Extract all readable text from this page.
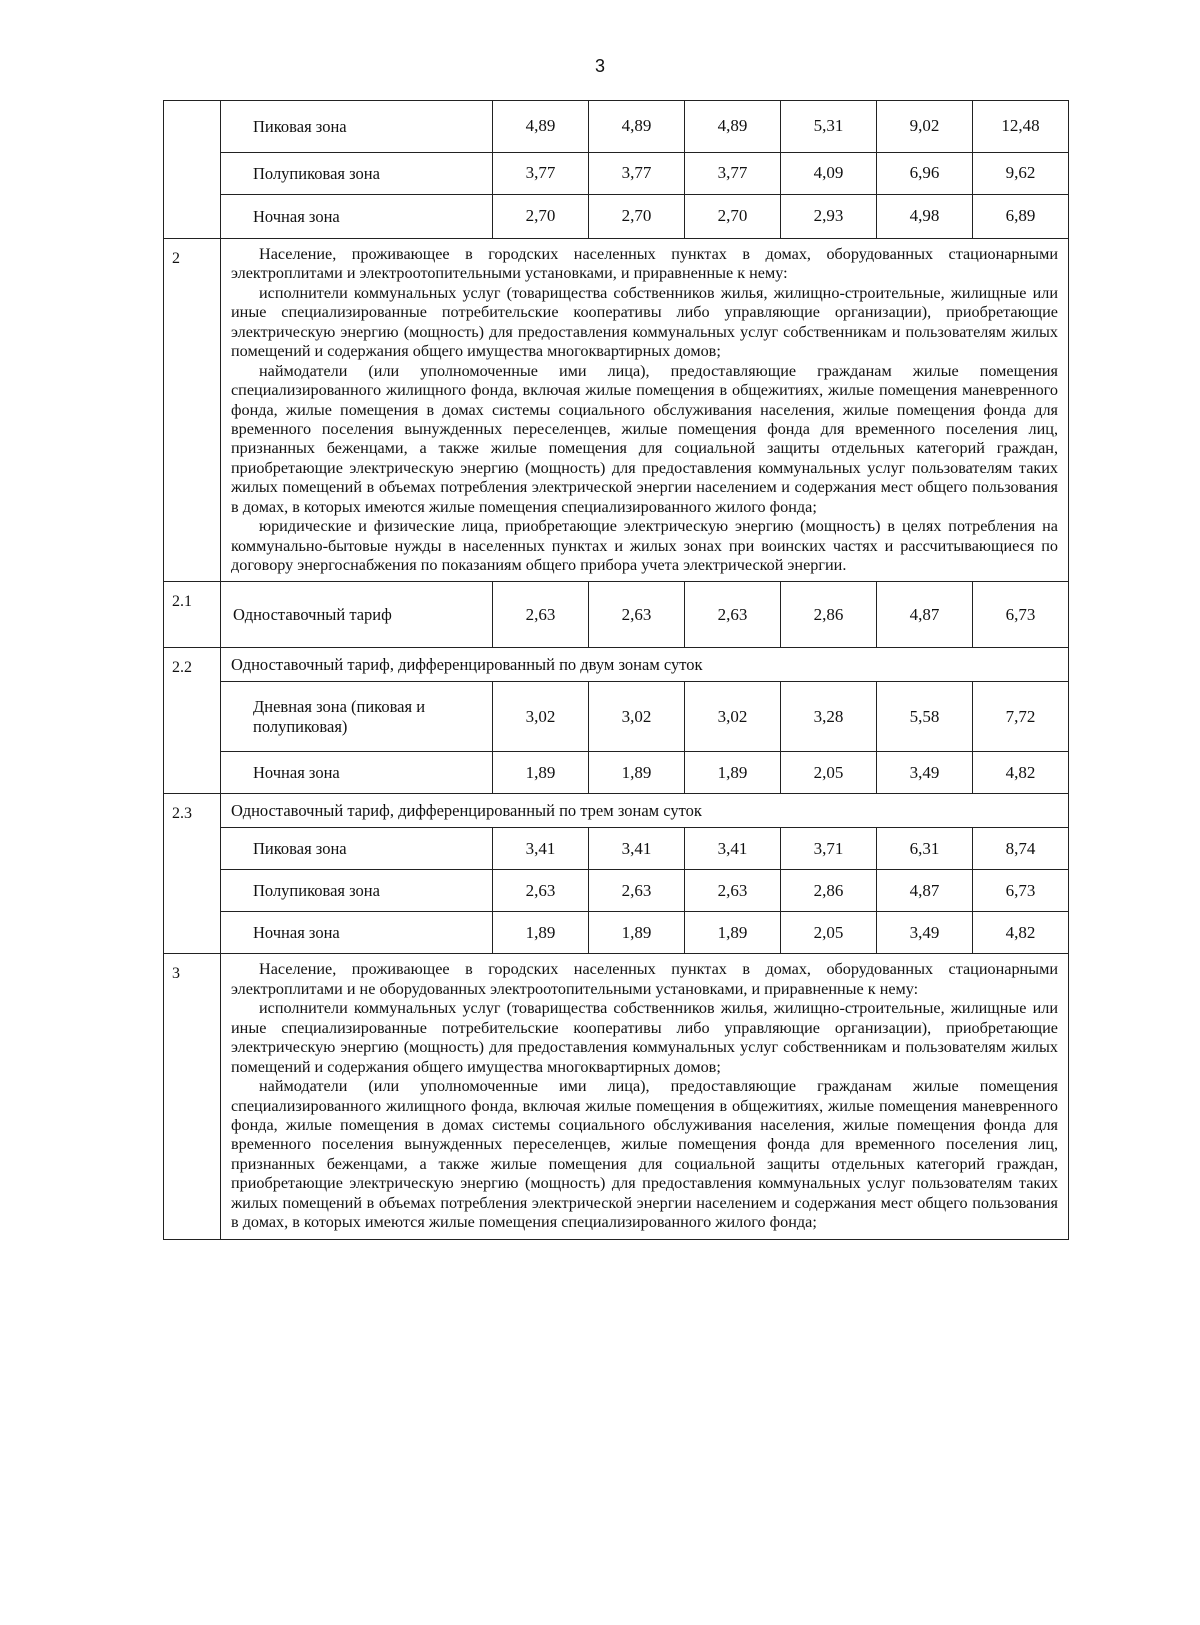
3
	Пиковая зона	4,89	4,89	4,89	5,31	9,02	12,48
	Полупиковая зона	3,77	3,77	3,77	4,09	6,96	9,62
	Ночная зона	2,70	2,70	2,70	2,93	4,98	6,89
2	Население, проживающее в городских населенных пунктах в домах, оборудованных стационарными электроплитами и электроотопительными установками, и приравненные к нему:

исполнители коммунальных услуг (товарищества собственников жилья, жилищно-строительные, жилищные или иные специализированные потребительские кооперативы либо управляющие организации), приобретающие электрическую энергию (мощность) для предоставления коммунальных услуг собственникам и пользователям жилых помещений и содержания общего имущества многоквартирных домов;

наймодатели (или уполномоченные ими лица), предоставляющие гражданам жилые помещения специализированного жилищного фонда, включая жилые помещения в общежитиях, жилые помещения маневренного фонда, жилые помещения в домах системы социального обслуживания населения, жилые помещения фонда для временного поселения вынужденных переселенцев, жилые помещения фонда для временного поселения лиц, признанных беженцами, а также жилые помещения для социальной защиты отдельных категорий граждан, приобретающие электрическую энергию (мощность) для предоставления коммунальных услуг пользователям таких жилых помещений в объемах потребления электрической энергии населением и содержания мест общего пользования в домах, в которых имеются жилые помещения специализированного жилого фонда;

юридические и физические лица, приобретающие электрическую энергию (мощность) в целях потребления на коммунально-бытовые нужды в населенных пунктах и жилых зонах при воинских частях и рассчитывающиеся по договору энергоснабжения по показаниям общего прибора учета электрической энергии.						

2.1	Одноставочный тариф	2,63	2,63	2,63	2,86	4,87	6,73
2.2	Одноставочный тариф, дифференцированный по двум зонам суток						
	Дневная зона (пиковая и полупиковая)	3,02	3,02	3,02	3,28	5,58	7,72
	Ночная зона	1,89	1,89	1,89	2,05	3,49	4,82
2.3	Одноставочный тариф, дифференцированный по трем зонам суток						
	Пиковая зона	3,41	3,41	3,41	3,71	6,31	8,74
	Полупиковая зона	2,63	2,63	2,63	2,86	4,87	6,73
	Ночная зона	1,89	1,89	1,89	2,05	3,49	4,82
3	Население, проживающее в городских населенных пунктах в домах, оборудованных стационарными электроплитами и не оборудованных электроотопительными установками, и приравненные к нему:

исполнители коммунальных услуг (товарищества собственников жилья, жилищно-строительные, жилищные или иные специализированные потребительские кооперативы либо управляющие организации), приобретающие электрическую энергию (мощность) для предоставления коммунальных услуг собственникам и пользователям жилых помещений и содержания общего имущества многоквартирных домов;

наймодатели (или уполномоченные ими лица), предоставляющие гражданам жилые помещения специализированного жилищного фонда, включая жилые помещения в общежитиях, жилые помещения маневренного фонда, жилые помещения в домах системы социального обслуживания населения, жилые помещения фонда для временного поселения вынужденных переселенцев, жилые помещения фонда для временного поселения лиц, признанных беженцами, а также жилые помещения для социальной защиты отдельных категорий граждан, приобретающие электрическую энергию (мощность) для предоставления коммунальных услуг пользователям таких жилых помещений в объемах потребления электрической энергии населением и содержания мест общего пользования в домах, в которых имеются жилые помещения специализированного жилого фонда;						
